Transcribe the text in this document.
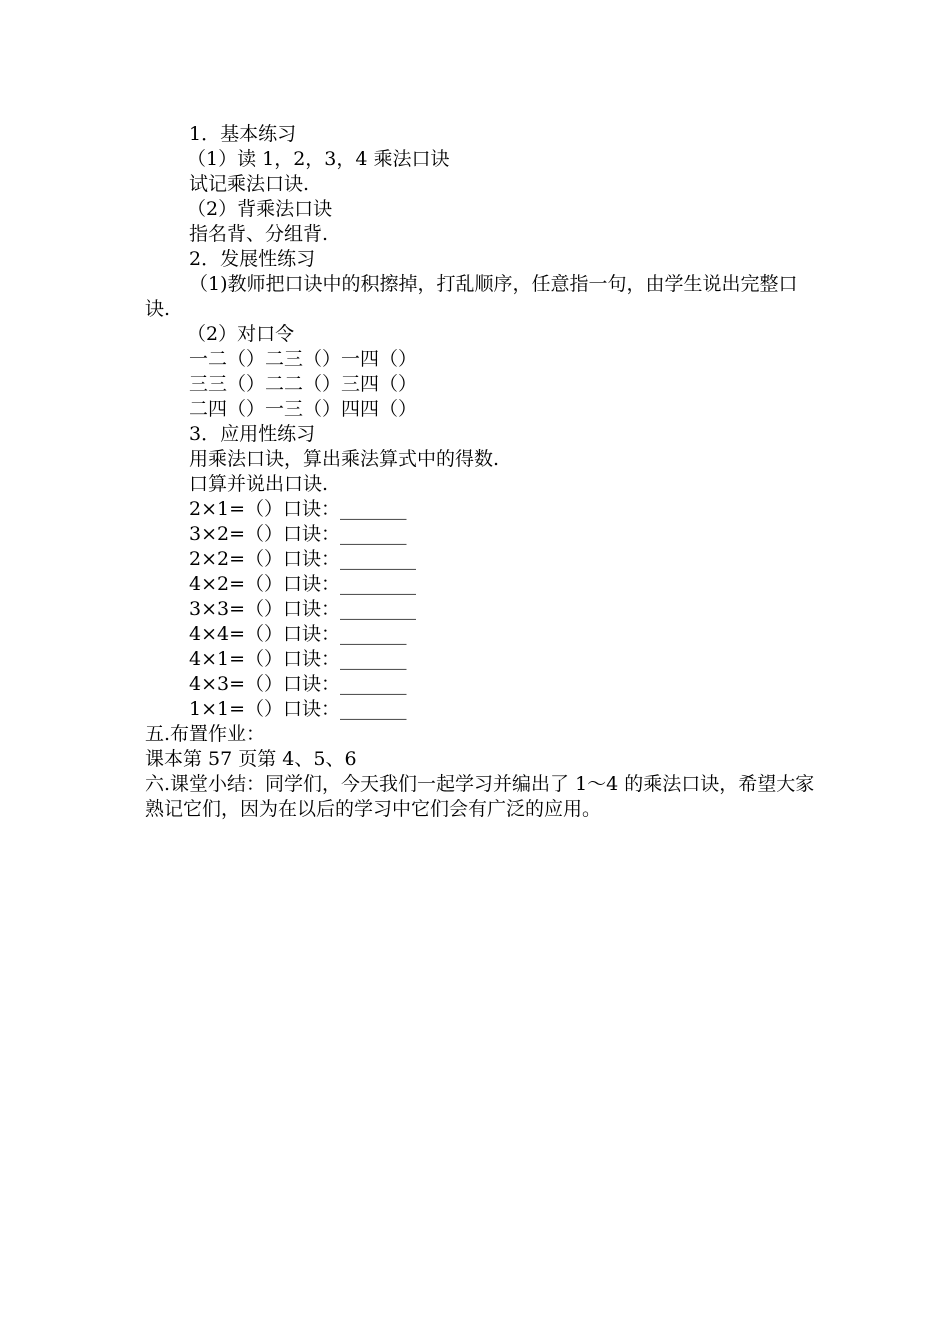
1．基本练习
（1）读 1，2，3，4 乘法口诀
试记乘法口诀.
（2）背乘法口诀
指名背、分组背.
2．发展性练习
（1)教师把口诀中的积擦掉，打乱顺序，任意指一句，由学生说出完整口诀.
（2）对口令
一二（）二三（）一四（）
三三（）二二（）三四（）
二四（）一三（）四四（）
3．应用性练习
用乘法口诀，算出乘法算式中的得数.
口算并说出口诀.
2×1=（）口诀：_______
3×2=（）口诀：_______
2×2=（）口诀：________
4×2=（）口诀：________
3×3=（）口诀：________
4×4=（）口诀：_______
4×1=（）口诀：_______
4×3=（）口诀：_______
1×1=（）口诀：_______
五.布置作业：
课本第 57 页第 4、5、6
六.课堂小结：同学们，今天我们一起学习并编出了 1～4 的乘法口诀，希望大家熟记它们，因为在以后的学习中它们会有广泛的应用。
